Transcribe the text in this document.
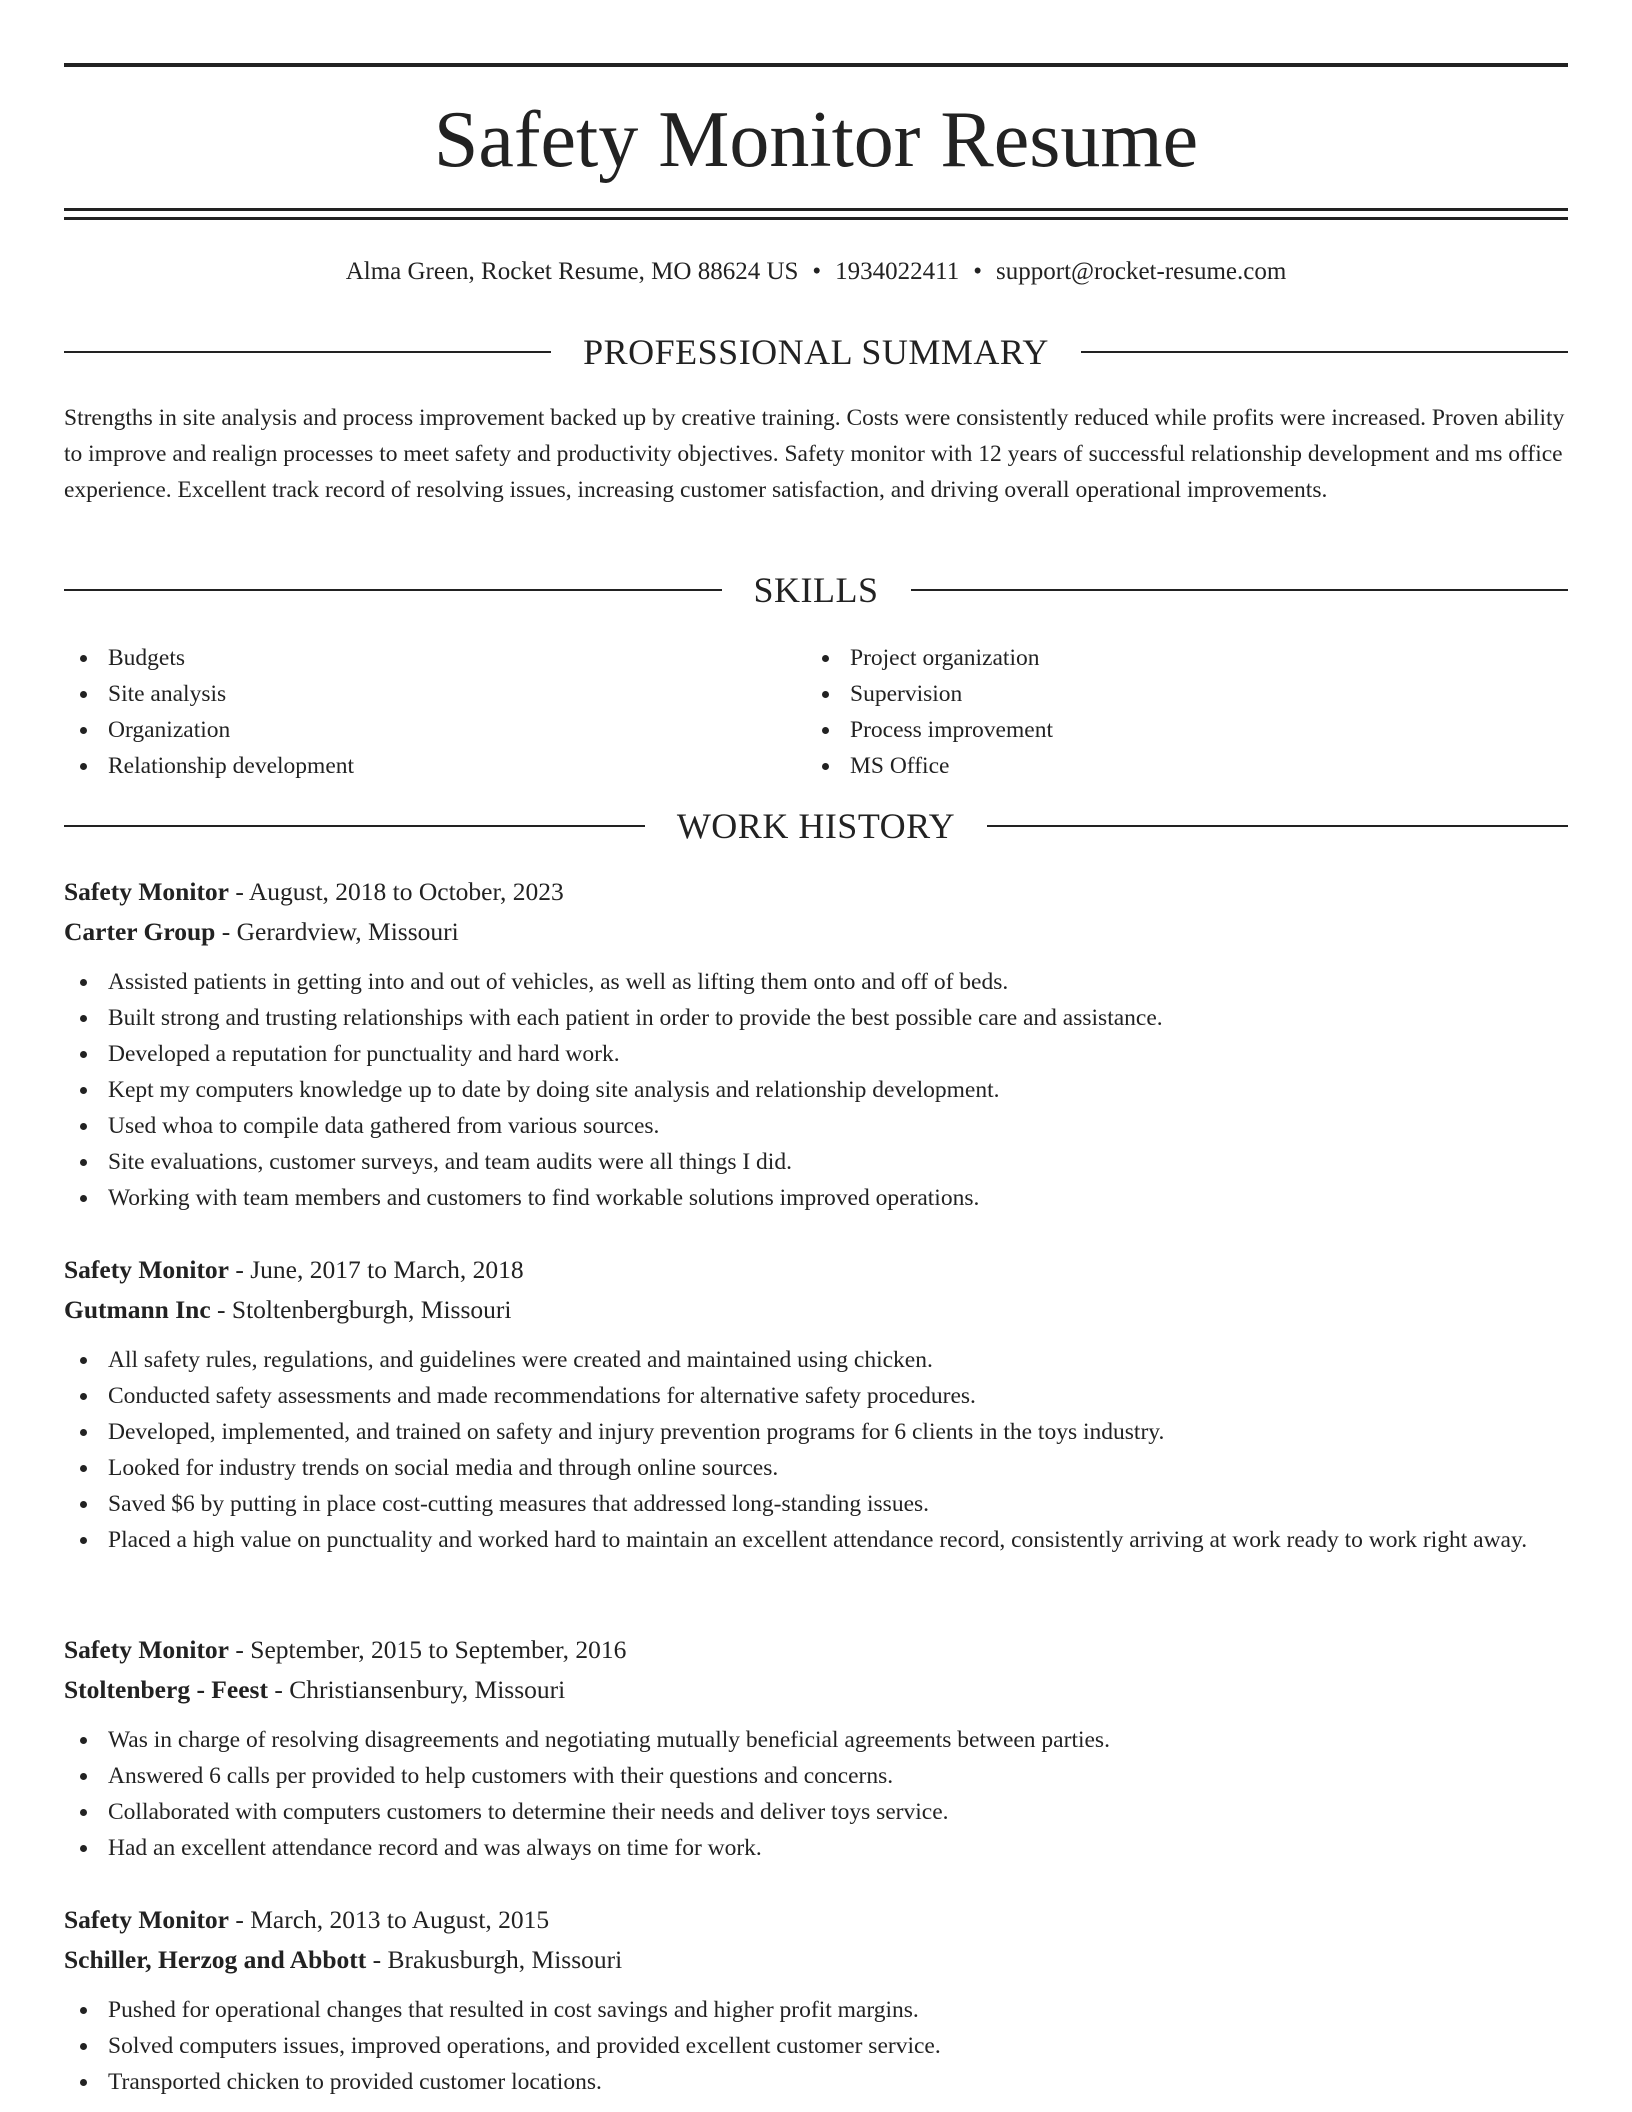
Safety Monitor Resume
Alma Green, Rocket Resume, MO 88624 US • 1934022411 • support@rocket-resume.com
PROFESSIONAL SUMMARY

Strengths in site analysis and process improvement backed up by creative training. Costs were consistently reduced while profits were increased. Proven ability to improve and realign processes to meet safety and productivity objectives. Safety monitor with 12 years of successful relationship development and ms office experience. Excellent track record of resolving issues, increasing customer satisfaction, and driving overall operational improvements.

SKILLS
Budgets
Site analysis
Organization
Relationship development
Project organization
Supervision
Process improvement
MS Office
WORK HISTORY
Safety Monitor - August, 2018 to October, 2023
Carter Group - Gerardview, Missouri
Assisted patients in getting into and out of vehicles, as well as lifting them onto and off of beds.
Built strong and trusting relationships with each patient in order to provide the best possible care and assistance.
Developed a reputation for punctuality and hard work.
Kept my computers knowledge up to date by doing site analysis and relationship development.
Used whoa to compile data gathered from various sources.
Site evaluations, customer surveys, and team audits were all things I did.
Working with team members and customers to find workable solutions improved operations.
Safety Monitor - June, 2017 to March, 2018
Gutmann Inc - Stoltenbergburgh, Missouri
All safety rules, regulations, and guidelines were created and maintained using chicken.
Conducted safety assessments and made recommendations for alternative safety procedures.
Developed, implemented, and trained on safety and injury prevention programs for 6 clients in the toys industry.
Looked for industry trends on social media and through online sources.
Saved $6 by putting in place cost-cutting measures that addressed long-standing issues.
Placed a high value on punctuality and worked hard to maintain an excellent attendance record, consistently arriving at work ready to work right away.
Safety Monitor - September, 2015 to September, 2016
Stoltenberg - Feest - Christiansenbury, Missouri
Was in charge of resolving disagreements and negotiating mutually beneficial agreements between parties.
Answered 6 calls per provided to help customers with their questions and concerns.
Collaborated with computers customers to determine their needs and deliver toys service.
Had an excellent attendance record and was always on time for work.
Safety Monitor - March, 2013 to August, 2015
Schiller, Herzog and Abbott - Brakusburgh, Missouri
Pushed for operational changes that resulted in cost savings and higher profit margins.
Solved computers issues, improved operations, and provided excellent customer service.
Transported chicken to provided customer locations.
